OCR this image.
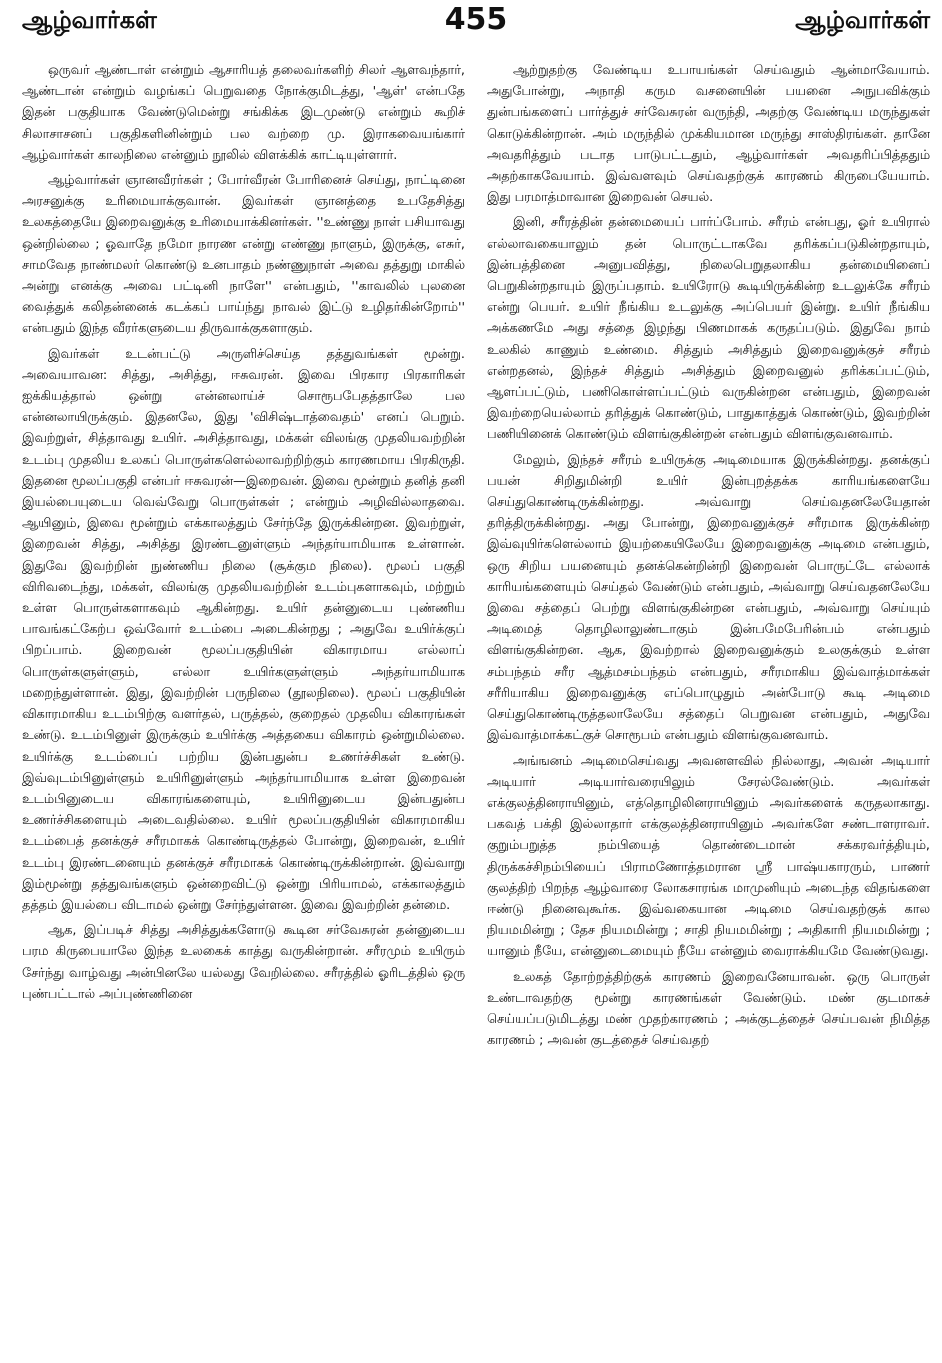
ஆழ்வார்கள்	455	ஆழ்வார்கள்

ஒருவர் ஆண்டாள் என்றும் ஆசாரியத் தலைவர்களிற் சிலர் ஆளவந்தார், ஆண்டான் என்றும் வழங்கப் பெறுவதை நோக்குமிடத்து, 'ஆள்' என்பதே இதன் பகுதியாக வேண்டுமென்று சங்கிக்க இடமுண்டு என்றும் கூறிச் சிலாசாசனப் பகுதிகளினின்றும் பல வற்றை மு. இராகவையங்கார் ஆழ்வார்கள் காலநிலை என்னும் நூலில் விளக்கிக் காட்டியுள்ளார்.

ஆழ்வார்கள் ஞானவீரர்கள் ; போர்வீரன் போரினைச் செய்து, நாட்டினை அரசனுக்கு உரிமையாக்குவான். இவர்கள் ஞானத்தை உபதேசித்து உலகத்தையே இறைவனுக்கு உரிமையாக்கினர்கள். ''உண்ணு நாள் பசியாவது ஒன்றில்லை ; ஓவாதே நமோ நாரண என்று எண்ணு நாளும், இருக்கு, எசுர், சாமவேத நாண்மலர் கொண்டு உனபாதம் நண்ணுநாள் அவை தத்துறு மாகில் அன்று எனக்கு அவை பட்டினி நாளே'' என்பதும், ''காவலில் புலனை வைத்துக் கலிதன்னைக் கடக்கப் பாய்ந்து நாவல் இட்டு உழிதர்கின்றோம்'' என்பதும் இந்த வீரர்களுடைய திருவாக்குகளாகும்.

இவர்கள் உடன்பட்டு அருளிச்செய்த தத்துவங்கள் மூன்று. அவையாவன: சித்து, அசித்து, ஈசுவரன். இவை பிரகார பிரகாரிகள் ஐக்கியத்தால் ஒன்று என்னலாய்ச் சொரூபபேதத்தாலே பல என்னலாயிருக்கும். இதனலே, இது 'விசிஷ்டாத்வைதம்' எனப் பெறும். இவற்றுள், சித்தாவது உயிர். அசித்தாவது, மக்கள் விலங்கு முதலியவற்றின் உடம்பு முதலிய உலகப் பொருள்களெல்லாவற்றிற்கும் காரணமாய பிரகிருதி. இதனை மூலப்பகுதி என்பர் ஈசுவரன்—இறைவன். இவை மூன்றும் தனித் தனி இயல்பையுடைய வெவ்வேறு பொருள்கள் ; என்றும் அழிவில்லாதவை. ஆயினும், இவை மூன்றும் எக்காலத்தும் சேர்ந்தே இருக்கின்றன. இவற்றுள், இறைவன் சித்து, அசித்து இரண்டனுள்ளும் அந்தர்யாமியாக உள்ளான். இதுவே இவற்றின் நுண்ணிய நிலை (சூக்கும நிலை). மூலப் பகுதி விரிவடைந்து, மக்கள், விலங்கு முதலியவற்றின் உடம்புகளாகவும், மற்றும் உள்ள பொருள்களாகவும் ஆகின்றது. உயிர் தன்னுடைய புண்ணிய பாவங்கட்கேற்ப ஒவ்வோர் உடம்பை அடைகின்றது ; அதுவே உயிர்க்குப் பிறப்பாம். இறைவன் மூலப்பகுதியின் விகாரமாய எல்லாப் பொருள்களுள்ளும், எல்லா உயிர்களுள்ளும் அந்தர்யாமியாக மறைந்துள்ளான். இது, இவற்றின் பருநிலை (தூலநிலை). மூலப் பகுதியின் விகாரமாகிய உடம்பிற்கு வளர்தல், பருத்தல், குறைதல் முதலிய விகாரங்கள் உண்டு. உடம்பினுள் இருக்கும் உயிர்க்கு அத்தகைய விகாரம் ஒன்றுமில்லை. உயிர்க்கு உடம்பைப் பற்றிய இன்பதுன்ப உணர்ச்சிகள் உண்டு. இவ்வுடம்பினுள்ளும் உயிரினுள்ளும் அந்தர்யாமியாக உள்ள இறைவன் உடம்பினுடைய விகாரங்களையும், உயிரினுடைய இன்பதுன்ப உணர்ச்சிகளையும் அடைவதில்லை. உயிர் மூலப்பகுதியின் விகாரமாகிய உடம்பைத் தனக்குச் சரீரமாகக் கொண்டிருத்தல் போன்று, இறைவன், உயிர் உடம்பு இரண்டனையும் தனக்குச் சரீரமாகக் கொண்டிருக்கின்றான். இவ்வாறு இம்மூன்று தத்துவங்களும் ஒன்றைவிட்டு ஒன்று பிரியாமல், எக்காலத்தும் தத்தம் இயல்பை விடாமல் ஒன்று சேர்ந்துள்ளன. இவை இவற்றின் தன்மை.

ஆக, இப்படிச் சித்து அசித்துக்களோடு கூடின சர்வேசுரன் தன்னுடைய பரம கிருபையாலே இந்த உலகைக் காத்து வருகின்றான். சரீரமும் உயிரும் சேர்ந்து வாழ்வது அன்பினலே யல்லது வேறில்லை. சரீரத்தில் ஓரிடத்தில் ஒரு புண்பட்டால் அப்புண்ணினை

ஆற்றுதற்கு வேண்டிய உபாயங்கள் செய்வதும் ஆன்மாவேயாம். அதுபோன்று, அநாதி கரும வசனையின் பயனை அநுபவிக்கும் துன்பங்களைப் பார்த்துச் சர்வேசுரன் வருந்தி, அதற்கு வேண்டிய மருந்துகள் கொடுக்கின்றான். அம் மருந்தில் முக்கியமான மருந்து சாஸ்திரங்கள். தானே அவதரித்தும் படாத பாடுபட்டதும், ஆழ்வார்கள் அவதரிப்பித்ததும் அதற்காகவேயாம். இவ்வளவும் செய்வதற்குக் காரணம் கிருபையேயாம். இது பரமாத்மாவான இறைவன் செயல்.

இனி, சரீரத்தின் தன்மையைப் பார்ப்போம். சரீரம் என்பது, ஓர் உயிரால் எல்லாவகையாலும் தன் பொருட்டாகவே தரிக்கப்படுகின்றதாயும், இன்பத்தினை அனுபவித்து, நிலைபெறுதலாகிய தன்மையினைப் பெறுகின்றதாயும் இருப்பதாம். உயிரோடு கூடியிருக்கின்ற உடலுக்கே சரீரம் என்று பெயர். உயிர் நீங்கிய உடலுக்கு அப்பெயர் இன்று. உயிர் நீங்கிய அக்கணமே அது சத்தை இழந்து பிணமாகக் கருதப்படும். இதுவே நாம் உலகில் காணும் உண்மை. சித்தும் அசித்தும் இறைவனுக்குச் சரீரம் என்றதனல், இந்தச் சித்தும் அசித்தும் இறைவனுல் தரிக்கப்பட்டும், ஆளப்பட்டும், பணிகொள்ளப்பட்டும் வருகின்றன என்பதும், இறைவன் இவற்றையெல்லாம் தரித்துக் கொண்டும், பாதுகாத்துக் கொண்டும், இவற்றின் பணியினைக் கொண்டும் விளங்குகின்றன் என்பதும் விளங்குவனவாம்.

மேலும், இந்தச் சரீரம் உயிருக்கு அடிமையாக இருக்கின்றது. தனக்குப் பயன் சிறிதுமின்றி உயிர் இன்புறத்தக்க காரியங்களையே செய்துகொண்டிருக்கின்றது. அவ்வாறு செய்வதனலேயேதான் தரித்திருக்கின்றது. அது போன்று, இறைவனுக்குச் சரீரமாக இருக்கின்ற இவ்வுயிர்களெல்லாம் இயற்கையிலேயே இறைவனுக்கு அடிமை என்பதும், ஒரு சிறிய பயனையும் தனக்கென்றின்றி இறைவன் பொருட்டே எல்லாக் காரியங்களையும் செய்தல் வேண்டும் என்பதும், அவ்வாறு செய்வதனலேயே இவை சத்தைப் பெற்று விளங்குகின்றன என்பதும், அவ்வாறு செய்யும் அடிமைத் தொழிலாலுண்டாகும் இன்பமேபேரின்பம் என்பதும் விளங்குகின்றன. ஆக, இவற்றால் இறைவனுக்கும் உலகுக்கும் உள்ள சம்பந்தம் சரீர ஆத்மசம்பந்தம் என்பதும், சரீரமாகிய இவ்வாத்மாக்கள் சரீரியாகிய இறைவனுக்கு எப்பொழுதும் அன்போடு கூடி அடிமை செய்துகொண்டிருத்தலாலேயே சத்தைப் பெறுவன என்பதும், அதுவே இவ்வாத்மாக்கட்குச் சொரூபம் என்பதும் விளங்குவனவாம்.

அங்ஙனம் அடிமைசெய்வது அவனளவில் நில்லாது, அவன் அடியார் அடியார் அடியார்வரையிலும் சேரல்வேண்டும். அவர்கள் எக்குலத்தினராயினும், எத்தொழிலினராயினும் அவர்களைக் கருதலாகாது. பகவத் பக்தி இல்லாதார் எக்குலத்தினராயினும் அவர்களே சண்டாளராவர். குறும்பறுத்த நம்பியைத் தொண்டைமான் சக்கரவர்த்தியும், திருக்கச்சிநம்பியைப் பிராமணோத்தமரான ஸ்ரீ பாஷ்யகாரரும், பாணர் குலத்திற் பிறந்த ஆழ்வாரை லோகசாரங்க மாமுனியும் அடைந்த விதங்களை ஈண்டு நினைவுகூர்க. இவ்வகையான அடிமை செய்வதற்குக் கால நியமமின்று ; தேச நியமமின்று ; சாதி நியமமின்று ; அதிகாரி நியமமின்று ; யானும் நீயே, என்னுடைமையும் நீயே என்னும் வைராக்கியமே வேண்டுவது.

உலகத் தோற்றத்திற்குக் காரணம் இறைவனேயாவன். ஒரு பொருள் உண்டாவதற்கு மூன்று காரணங்கள் வேண்டும். மண் குடமாகச் செய்யப்படுமிடத்து மண் முதற்காரணம் ; அக்குடத்தைச் செய்பவன் நிமித்த காரணம் ; அவன் குடத்தைச் செய்வதற்
